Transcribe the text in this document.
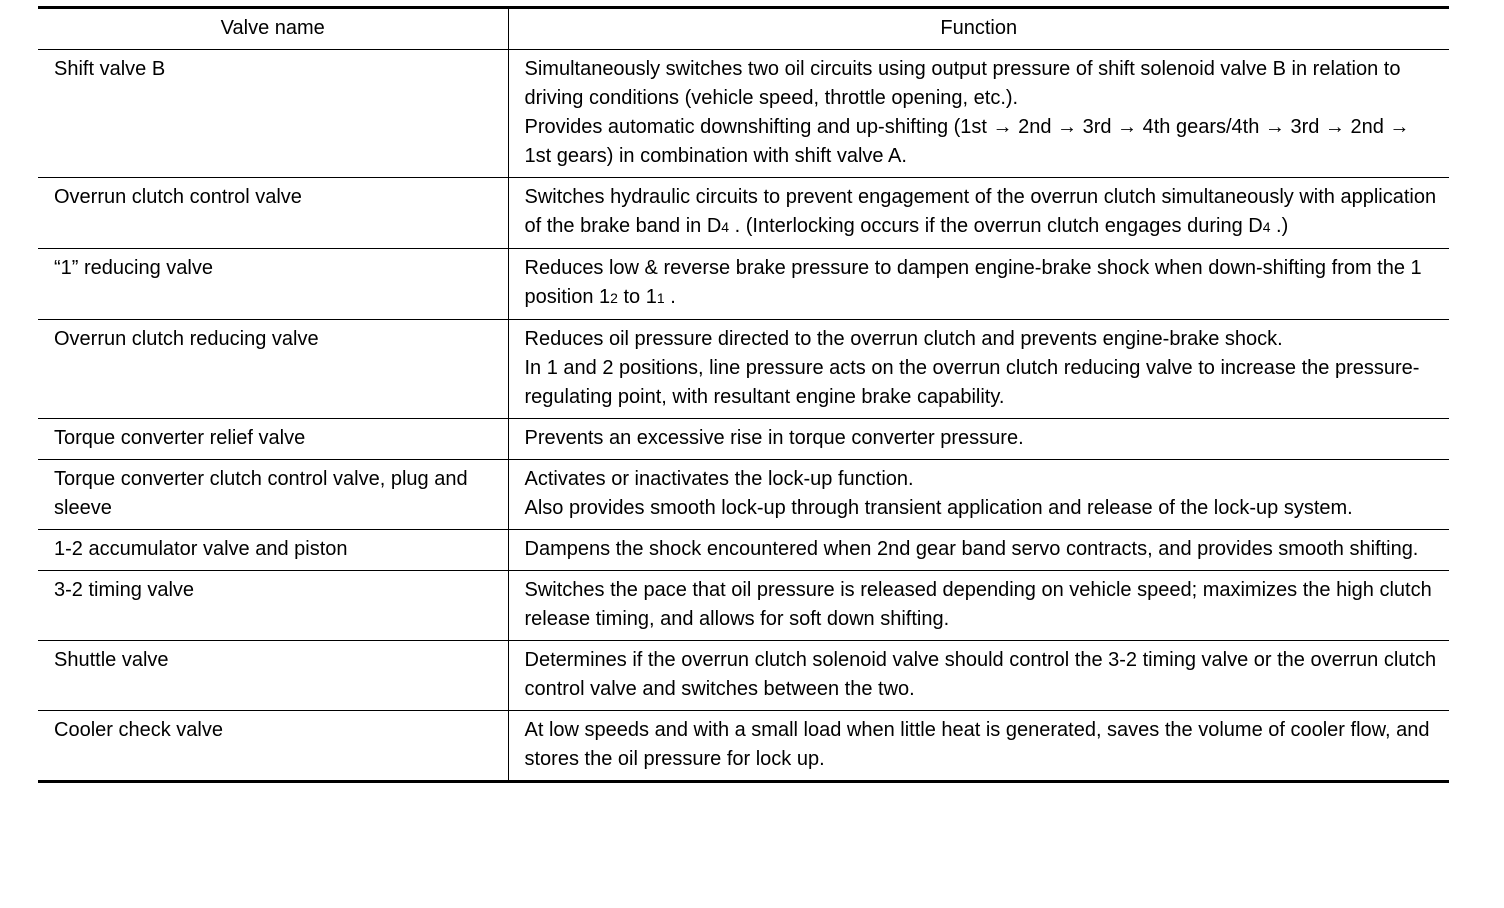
Valve name	Function
Shift valve B	Simultaneously switches two oil circuits using output pressure of shift solenoid valve B in relation to driving conditions (vehicle speed, throttle opening, etc.).
Provides automatic downshifting and up-shifting (1st → 2nd → 3rd → 4th gears/4th → 3rd → 2nd → 1st gears) in combination with shift valve A.

Overrun clutch control valve	Switches hydraulic circuits to prevent engagement of the overrun clutch simultaneously with application of the brake band in D4 . (Interlocking occurs if the overrun clutch engages during D4 .)
“1” reducing valve	Reduces low & reverse brake pressure to dampen engine-brake shock when down-shifting from the 1 position 12 to 11 .
Overrun clutch reducing valve	Reduces oil pressure directed to the overrun clutch and prevents engine-brake shock.
In 1 and 2 positions, line pressure acts on the overrun clutch reducing valve to increase the pressure-regulating point, with resultant engine brake capability.

Torque converter relief valve	Prevents an excessive rise in torque converter pressure.

Torque converter clutch control valve, plug and sleeve	Activates or inactivates the lock-up function.
Also provides smooth lock-up through transient application and release of the lock-up system.

1-2 accumulator valve and piston	Dampens the shock encountered when 2nd gear band servo contracts, and provides smooth shifting.

3-2 timing valve	Switches the pace that oil pressure is released depending on vehicle speed; maximizes the high clutch release timing, and allows for soft down shifting.

Shuttle valve	Determines if the overrun clutch solenoid valve should control the 3-2 timing valve or the overrun clutch control valve and switches between the two.

Cooler check valve	At low speeds and with a small load when little heat is generated, saves the volume of cooler flow, and stores the oil pressure for lock up.
